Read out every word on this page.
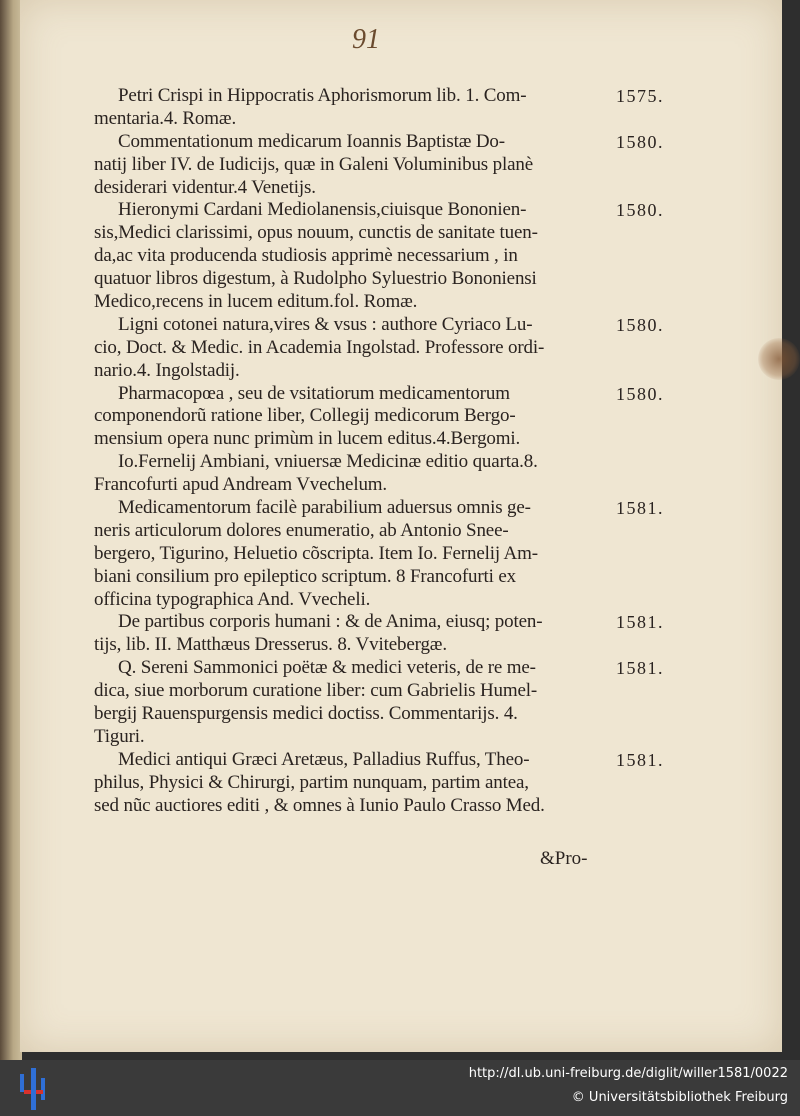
91
Petri Crispi in Hippocratis Aphorismorum lib. 1. Com-	1575.
mentaria.4. Romæ.
Commentationum medicarum Ioannis Baptistæ Do-	1580.
natij liber IV. de Iudicijs, quæ in Galeni Voluminibus planè
desiderari videntur.4 Venetijs.
Hieronymi Cardani Mediolanensis,ciuisque Bononien-	1580.
sis,Medici clarissimi, opus nouum, cunctis de sanitate tuen-
da,ac vita producenda studiosis apprimè necessarium , in
quatuor libros digestum, à Rudolpho Syluestrio Bononiensi
Medico,recens in lucem editum.fol. Romæ.
Ligni cotonei natura,vires & vsus : authore Cyriaco Lu-	1580.
cio, Doct. & Medic. in Academia Ingolstad. Professore ordi-
nario.4. Ingolstadij.
Pharmacopœa , seu de vsitatiorum medicamentorum	1580.
componendorũ ratione liber, Collegij medicorum Bergo-
mensium opera nunc primùm in lucem editus.4.Bergomi.
Io.Fernelij Ambiani, vniuersæ Medicinæ editio quarta.8.
Francofurti apud Andream Vvechelum.
Medicamentorum facilè parabilium aduersus omnis ge-	1581.
neris articulorum dolores enumeratio, ab Antonio Snee-
bergero, Tigurino, Heluetio cõscripta. Item Io. Fernelij Am-
biani consilium pro epileptico scriptum. 8 Francofurti ex
officina typographica And. Vvecheli.
De partibus corporis humani : & de Anima, eiusq; poten-	1581.
tijs, lib. II. Matthæus Dresserus. 8. Vvitebergæ.
Q. Sereni Sammonici poëtæ & medici veteris, de re me-	1581.
dica, siue morborum curatione liber: cum Gabrielis Humel-
bergij Rauenspurgensis medici doctiss. Commentarijs. 4.
Tiguri.
Medici antiqui Græci Aretæus, Palladius Ruffus, Theo-	1581.
philus, Physici & Chirurgi, partim nunquam, partim antea,
sed nũc auctiores editi , & omnes à Iunio Paulo Crasso Med.
&Pro-
http://dl.ub.uni-freiburg.de/diglit/willer1581/0022
© Universitätsbibliothek Freiburg
